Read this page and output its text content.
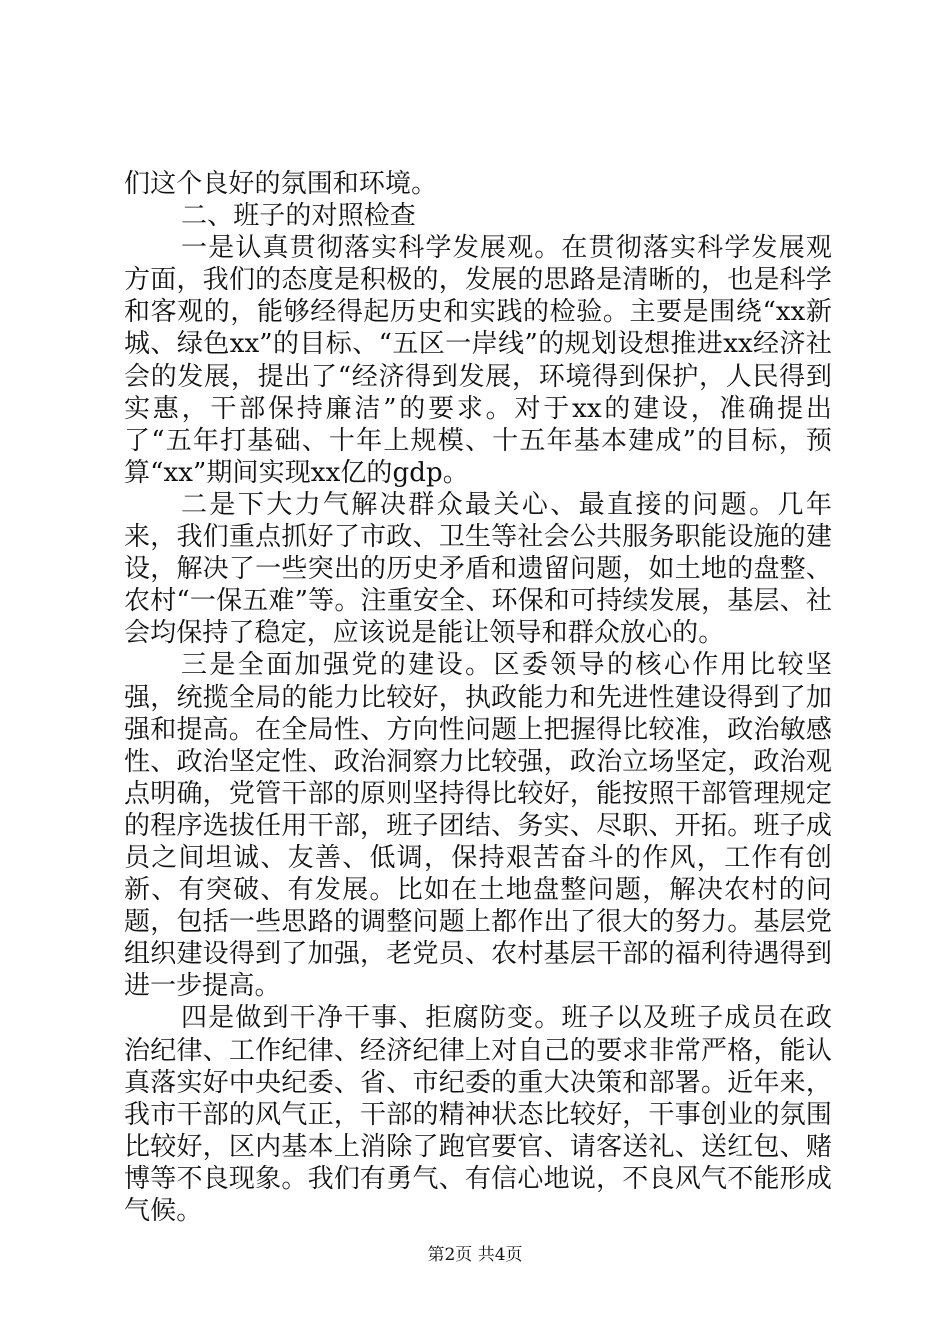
们这个良好的氛围和环境。

二、班子的对照检查

一是认真贯彻落实科学发展观。在贯彻落实科学发展观方面，我们的态度是积极的，发展的思路是清晰的，也是科学和客观的，能够经得起历史和实践的检验。主要是围绕“xx新城、绿色xx”的目标、“五区一岸线”的规划设想推进xx经济社会的发展，提出了“经济得到发展，环境得到保护，人民得到实惠，干部保持廉洁”的要求。对于xx的建设，准确提出了“五年打基础、十年上规模、十五年基本建成”的目标，预算“xx”期间实现xx亿的gdp。

二是下大力气解决群众最关心、最直接的问题。几年来，我们重点抓好了市政、卫生等社会公共服务职能设施的建设，解决了一些突出的历史矛盾和遗留问题，如土地的盘整、农村“一保五难”等。注重安全、环保和可持续发展，基层、社会均保持了稳定，应该说是能让领导和群众放心的。

三是全面加强党的建设。区委领导的核心作用比较坚强，统揽全局的能力比较好，执政能力和先进性建设得到了加强和提高。在全局性、方向性问题上把握得比较准，政治敏感性、政治坚定性、政治洞察力比较强，政治立场坚定，政治观点明确，党管干部的原则坚持得比较好，能按照干部管理规定的程序选拔任用干部，班子团结、务实、尽职、开拓。班子成员之间坦诚、友善、低调，保持艰苦奋斗的作风，工作有创新、有突破、有发展。比如在土地盘整问题，解决农村的问题，包括一些思路的调整问题上都作出了很大的努力。基层党组织建设得到了加强，老党员、农村基层干部的福利待遇得到进一步提高。

四是做到干净干事、拒腐防变。班子以及班子成员在政治纪律、工作纪律、经济纪律上对自己的要求非常严格，能认真落实好中央纪委、省、市纪委的重大决策和部署。近年来，我市干部的风气正，干部的精神状态比较好，干事创业的氛围比较好，区内基本上消除了跑官要官、请客送礼、送红包、赌博等不良现象。我们有勇气、有信心地说，不良风气不能形成气候。

第2页 共4页
